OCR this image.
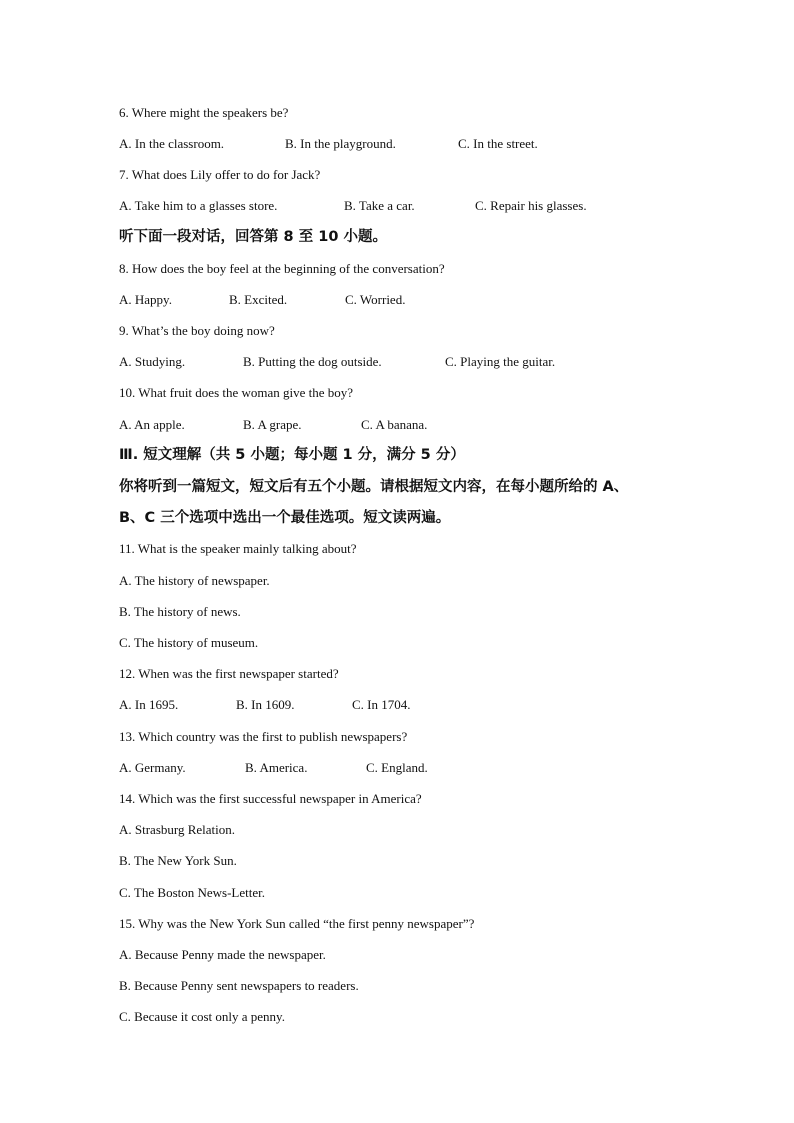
6. Where might the speakers be?
A. In the classroom.	B. In the playground.	C. In the street.
7. What does Lily offer to do for Jack?
A. Take him to a glasses store.	B. Take a car.	C. Repair his glasses.
听下面一段对话，回答第 8 至 10 小题。
8. How does the boy feel at the beginning of the conversation?
A. Happy.	B. Excited.	C. Worried.
9. What’s the boy doing now?
A. Studying.	B. Putting the dog outside.	C. Playing the guitar.
10. What fruit does the woman give the boy?
A. An apple.	B. A grape.	C. A banana.
Ⅲ. 短文理解（共 5 小题；每小题 1 分，满分 5 分）
你将听到一篇短文，短文后有五个小题。请根据短文内容，在每小题所给的 A、
B、C 三个选项中选出一个最佳选项。短文读两遍。
11. What is the speaker mainly talking about?
A. The history of newspaper.
B. The history of news.
C. The history of museum.
12. When was the first newspaper started?
A. In 1695.	B. In 1609.	C. In 1704.
13. Which country was the first to publish newspapers?
A. Germany.	B. America.	C. England.
14. Which was the first successful newspaper in America?
A. Strasburg Relation.
B. The New York Sun.
C. The Boston News-Letter.
15. Why was the New York Sun called “the first penny newspaper”?
A. Because Penny made the newspaper.
B. Because Penny sent newspapers to readers.
C. Because it cost only a penny.
